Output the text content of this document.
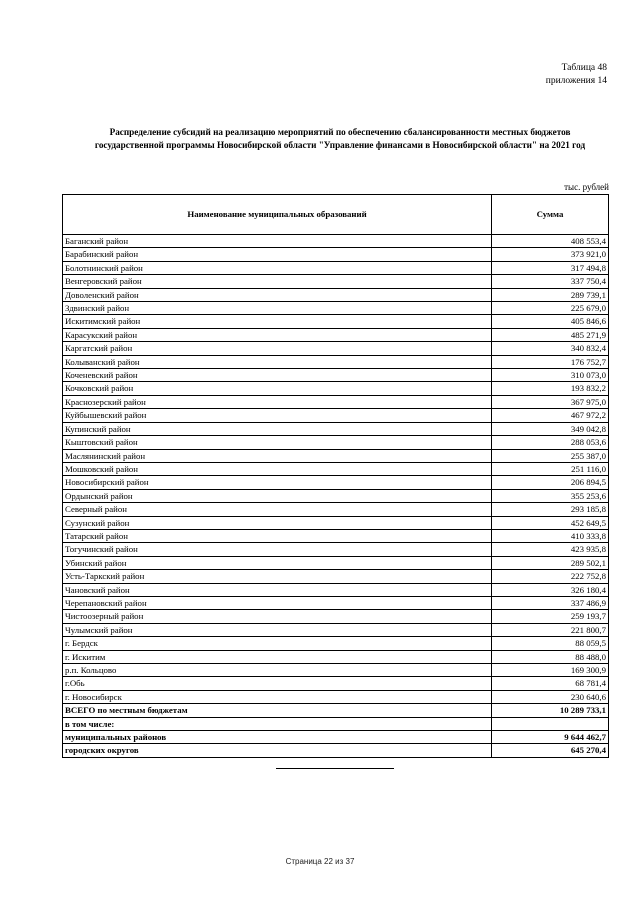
Таблица 48
приложения 14
Распределение субсидий на реализацию мероприятий по обеспечению сбалансированности местных бюджетов
государственной программы Новосибирской области "Управление финансами в Новосибирской области" на 2021 год
тыс. рублей
Наименование муниципальных образований	Сумма
Баганский район	408 553,4
Барабинский район	373 921,0
Болотнинский район	317 494,8
Венгеровский район	337 750,4
Доволенский район	289 739,1
Здвинский район	225 679,0
Искитимский район	405 846,6
Карасукский район	485 271,9
Каргатский район	340 832,4
Колыванский район	176 752,7
Коченевский район	310 073,0
Кочковский район	193 832,2
Краснозерский район	367 975,0
Куйбышевский район	467 972,2
Купинский район	349 042,8
Кыштовский район	288 053,6
Маслянинский район	255 387,0
Мошковский район	251 116,0
Новосибирский район	206 894,5
Ордынский район	355 253,6
Северный район	293 185,8
Сузунский район	452 649,5
Татарский район	410 333,8
Тогучинский район	423 935,8
Убинский район	289 502,1
Усть-Таркский район	222 752,8
Чановский район	326 180,4
Черепановский район	337 486,9
Чистоозерный район	259 193,7
Чулымский район	221 800,7
г. Бердск	88 059,5
г. Искитим	88 488,0
р.п. Кольцово	169 300,9
г.Обь	68 781,4
г. Новосибирск	230 640,6
ВСЕГО по местным бюджетам	10 289 733,1
в том числе:	
муниципальных районов	9 644 462,7
городских округов	645 270,4
Страница 22 из 37
